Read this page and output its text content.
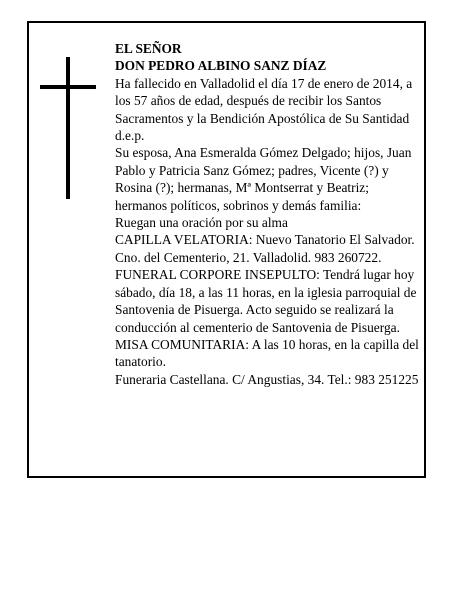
EL SEÑOR

DON PEDRO ALBINO SANZ DÍAZ

Ha fallecido en Valladolid el día 17 de enero de 2014, a los 57 años de edad, después de recibir los Santos Sacramentos y la Bendición Apostólica de Su Santidad d.e.p.

Su esposa, Ana Esmeralda Gómez Delgado; hijos, Juan Pablo y Patricia Sanz Gómez; padres, Vicente (?) y Rosina (?); hermanas, Mª Montserrat y Beatriz; hermanos políticos, sobrinos y demás familia:

Ruegan una oración por su alma

CAPILLA VELATORIA: Nuevo Tanatorio El Salvador. Cno. del Cementerio, 21. Valladolid. 983 260722.

FUNERAL CORPORE INSEPULTO: Tendrá lugar hoy sábado, día 18, a las 11 horas, en la iglesia parroquial de Santovenia de Pisuerga. Acto seguido se realizará la conducción al cementerio de Santovenia de Pisuerga.

MISA COMUNITARIA: A las 10 horas, en la capilla del tanatorio.

Funeraria Castellana. C/ Angustias, 34. Tel.: 983 251225
